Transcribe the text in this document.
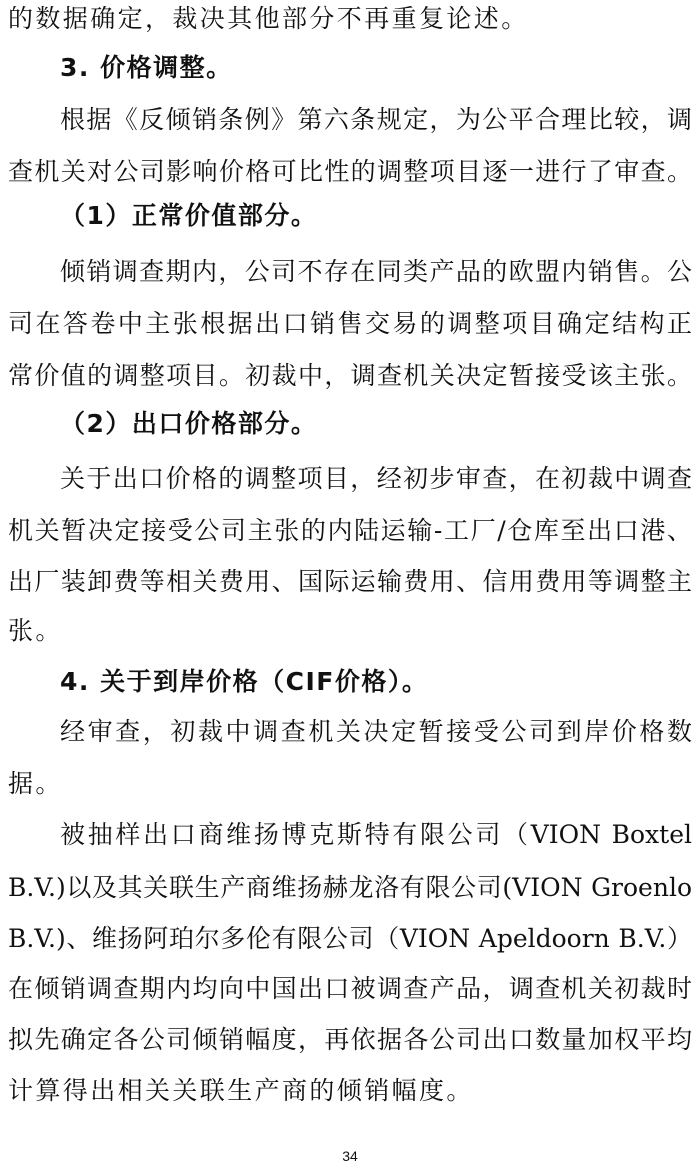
的数据确定，裁决其他部分不再重复论述。
3. 价格调整。
根据《反倾销条例》第六条规定，为公平合理比较，调
查机关对公司影响价格可比性的调整项目逐一进行了审查。
（1）正常价值部分。
倾销调查期内，公司不存在同类产品的欧盟内销售。公
司在答卷中主张根据出口销售交易的调整项目确定结构正
常价值的调整项目。初裁中，调查机关决定暂接受该主张。
（2）出口价格部分。
关于出口价格的调整项目，经初步审查，在初裁中调查
机关暂决定接受公司主张的内陆运输-工厂/仓库至出口港、
出厂装卸费等相关费用、国际运输费用、信用费用等调整主
张。
4. 关于到岸价格（CIF价格）。
经审查，初裁中调查机关决定暂接受公司到岸价格数
据。
被抽样出口商维扬博克斯特有限公司（VION Boxtel
B.V.)以及其关联生产商维扬赫龙洛有限公司(VION Groenlo
B.V.)、维扬阿珀尔多伦有限公司（VION Apeldoorn B.V.）
在倾销调查期内均向中国出口被调查产品，调查机关初裁时
拟先确定各公司倾销幅度，再依据各公司出口数量加权平均
计算得出相关关联生产商的倾销幅度。
34
